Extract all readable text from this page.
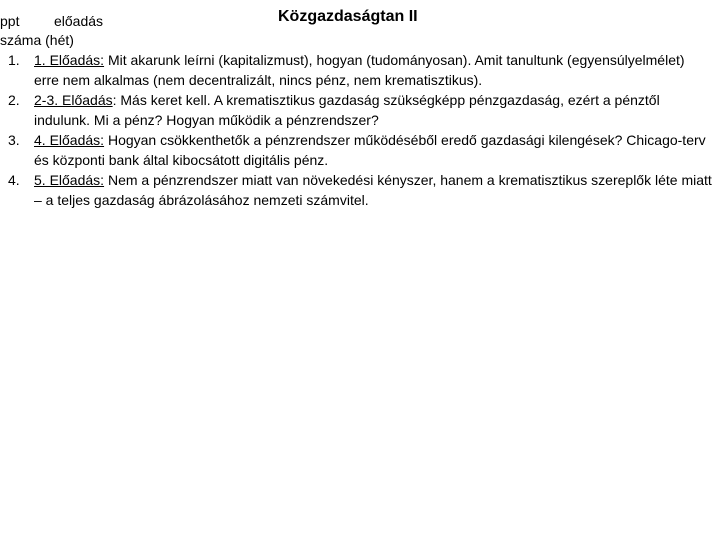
Közgazdaságtan II
ppt előadás
száma (hét)
1. 1. Előadás: Mit akarunk leírni (kapitalizmust), hogyan (tudományosan). Amit tanultunk (egyensúlyelmélet) erre nem alkalmas (nem decentralizált, nincs pénz, nem krematisztikus).
2. 2-3. Előadás: Más keret kell. A krematisztikus gazdaság szükségképp pénzgazdaság, ezért a pénztől indulunk. Mi a pénz? Hogyan működik a pénzrendszer?
3. 4. Előadás: Hogyan csökkenthetők a pénzrendszer működéséből eredő gazdasági kilengések? Chicago-terv és központi bank által kibocsátott digitális pénz.
4. 5. Előadás: Nem a pénzrendszer miatt van növekedési kényszer, hanem a krematisztikus szereplők léte miatt – a teljes gazdaság ábrázolásához nemzeti számvitel.
